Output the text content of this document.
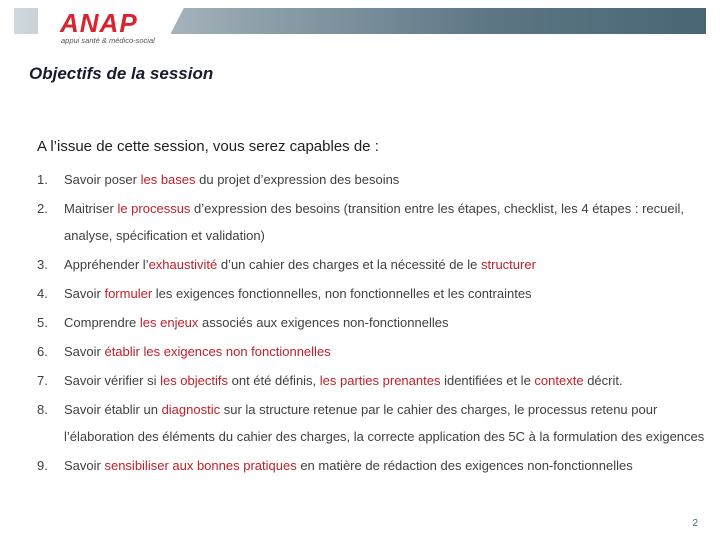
ANAP
appui santé & médico-social
Objectifs de la session
A l’issue de cette session, vous serez capables de :
1. Savoir poser les bases du projet d’expression des besoins
2. Maitriser le processus d’expression des besoins (transition entre les étapes, checklist, les 4 étapes : recueil, analyse, spécification et validation)
3. Appréhender l’exhaustivité d’un cahier des charges et la nécessité de le structurer
4. Savoir formuler les exigences fonctionnelles, non fonctionnelles et les contraintes
5. Comprendre les enjeux associés aux exigences non-fonctionnelles
6. Savoir établir les exigences non fonctionnelles
7. Savoir vérifier si les objectifs ont été définis, les parties prenantes identifiées et le contexte décrit.
8. Savoir établir un diagnostic sur la structure retenue par le cahier des charges, le processus retenu pour l’élaboration des éléments du cahier des charges, la correcte application des 5C à la formulation des exigences
9. Savoir sensibiliser aux bonnes pratiques en matière de rédaction des exigences non-fonctionnelles
2
